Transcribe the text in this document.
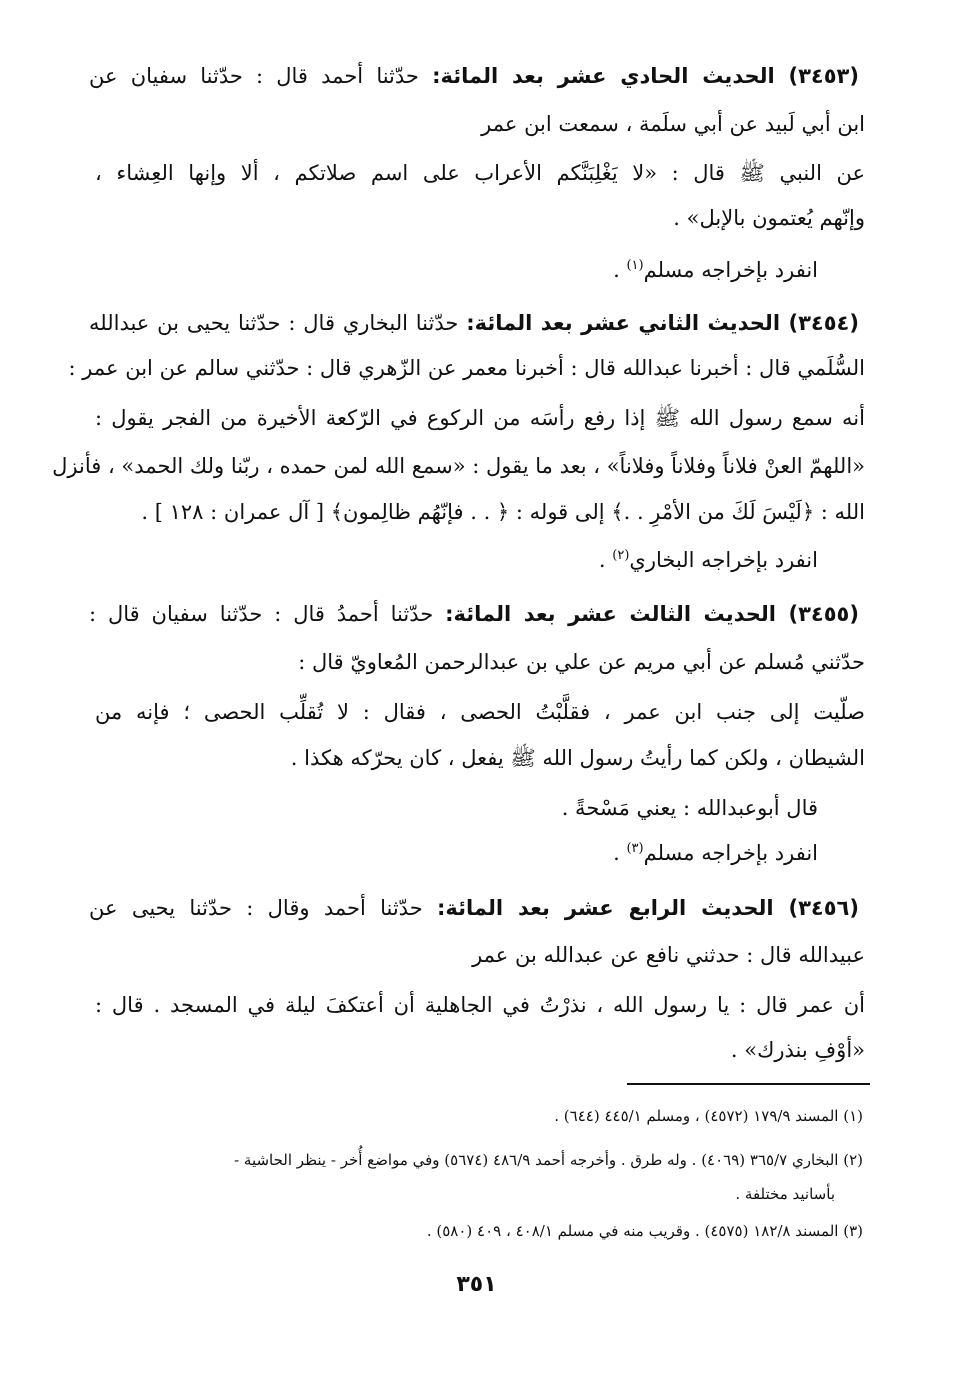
(٣٤٥٣) الحديث الحادي عشر بعد المائة: حدّثنا أحمد قال : حدّثنا سفيان عن
ابن أبي لَبيد عن أبي سلَمة ، سمعت ابن عمر
عن النبي ﷺ قال : «لا يَغْلِبَنَّكم الأعراب على اسم صلاتكم ، ألا وإنها العِشاء ،
وإنّهم يُعتمون بالإبل» .
انفرد بإخراجه مسلم$^{(١)}$ .
(٣٤٥٤) الحديث الثاني عشر بعد المائة: حدّثنا البخاري قال : حدّثنا يحيى بن عبدالله
السُّلَمي قال : أخبرنا عبدالله قال : أخبرنا معمر عن الزّهري قال : حدّثني سالم عن ابن عمر :
أنه سمع رسول الله ﷺ إذا رفع رأسَه من الركوع في الرّكعة الأخيرة من الفجر يقول :
«اللهمّ العنْ فلاناً وفلاناً وفلاناً» ، بعد ما يقول : «سمع الله لمن حمده ، ربّنا ولك الحمد» ، فأنزل
الله : ﴿لَيْسَ لَكَ من الأمْرِ . .﴾ إلى قوله : ﴿ . . فإنّهُم ظالِمون﴾ [ آل عمران : ١٢٨ ] .
انفرد بإخراجه البخاري$^{(٢)}$ .
(٣٤٥٥) الحديث الثالث عشر بعد المائة: حدّثنا أحمدُ قال : حدّثنا سفيان قال :
حدّثني مُسلم عن أبي مريم عن علي بن عبدالرحمن المُعاويّ قال :
صلّيت إلى جنب ابن عمر ، فقلَّبْتُ الحصى ، فقال : لا تُقلِّب الحصى ؛ فإنه من
الشيطان ، ولكن كما رأيتُ رسول الله ﷺ يفعل ، كان يحرّكه هكذا .
قال أبوعبدالله : يعني مَسْحةً .
انفرد بإخراجه مسلم$^{(٣)}$ .
(٣٤٥٦) الحديث الرابع عشر بعد المائة: حدّثنا أحمد وقال : حدّثنا يحيى عن
عبيدالله قال : حدثني نافع عن عبدالله بن عمر
أن عمر قال : يا رسول الله ، نذرْتُ في الجاهلية أن أعتكفَ ليلة في المسجد . قال :
«أوْفِ بنذرك» .
(١) المسند ١٧٩/٩ (٤٥٧٢) ، ومسلم ٤٤٥/١ (٦٤٤) .
(٢) البخاري ٣٦٥/٧ (٤٠٦٩) . وله طرق . وأخرجه أحمد ٤٨٦/٩ (٥٦٧٤) وفي مواضع أُخر - ينظر الحاشية -
بأسانيد مختلفة .
(٣) المسند ١٨٢/٨ (٤٥٧٥) . وقريب منه في مسلم ٤٠٨/١ ، ٤٠٩ (٥٨٠) .
٣٥١
